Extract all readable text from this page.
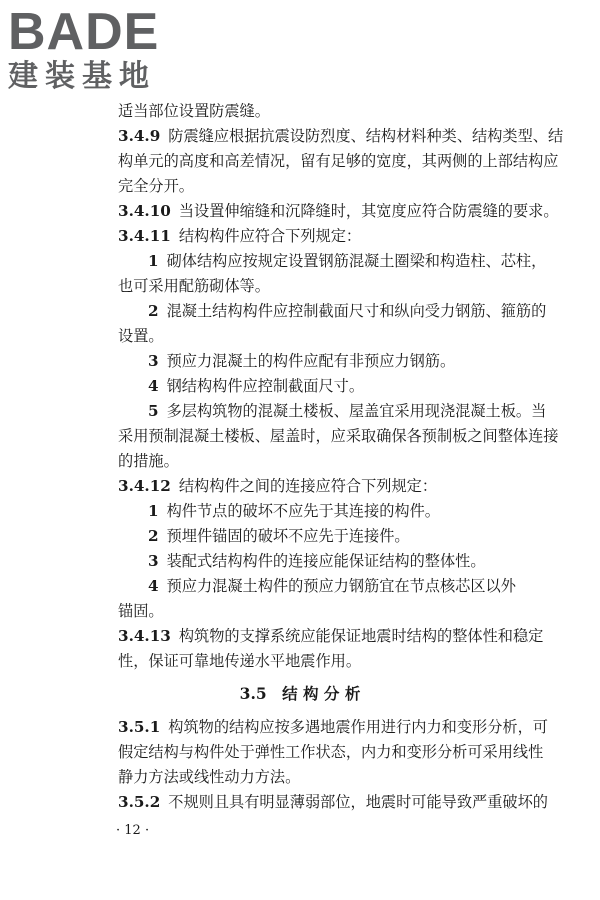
BADE
建装基地
适当部位设置防震缝。
3.4.9 防震缝应根据抗震设防烈度、结构材料种类、结构类型、结
构单元的高度和高差情况，留有足够的宽度，其两侧的上部结构应
完全分开。
3.4.10 当设置伸缩缝和沉降缝时，其宽度应符合防震缝的要求。
3.4.11 结构构件应符合下列规定：
1 砌体结构应按规定设置钢筋混凝土圈梁和构造柱、芯柱，
也可采用配筋砌体等。
2 混凝土结构构件应控制截面尺寸和纵向受力钢筋、箍筋的
设置。
3 预应力混凝土的构件应配有非预应力钢筋。
4 钢结构构件应控制截面尺寸。
5 多层构筑物的混凝土楼板、屋盖宜采用现浇混凝土板。当
采用预制混凝土楼板、屋盖时，应采取确保各预制板之间整体连接
的措施。
3.4.12 结构构件之间的连接应符合下列规定：
1 构件节点的破坏不应先于其连接的构件。
2 预埋件锚固的破坏不应先于连接件。
3 装配式结构构件的连接应能保证结构的整体性。
4 预应力混凝土构件的预应力钢筋宜在节点核芯区以外
锚固。
3.4.13 构筑物的支撑系统应能保证地震时结构的整体性和稳定
性，保证可靠地传递水平地震作用。
3.5　结 构 分 析
3.5.1 构筑物的结构应按多遇地震作用进行内力和变形分析，可
假定结构与构件处于弹性工作状态，内力和变形分析可采用线性
静力方法或线性动力方法。
3.5.2 不规则且具有明显薄弱部位，地震时可能导致严重破坏的
· 12 ·
